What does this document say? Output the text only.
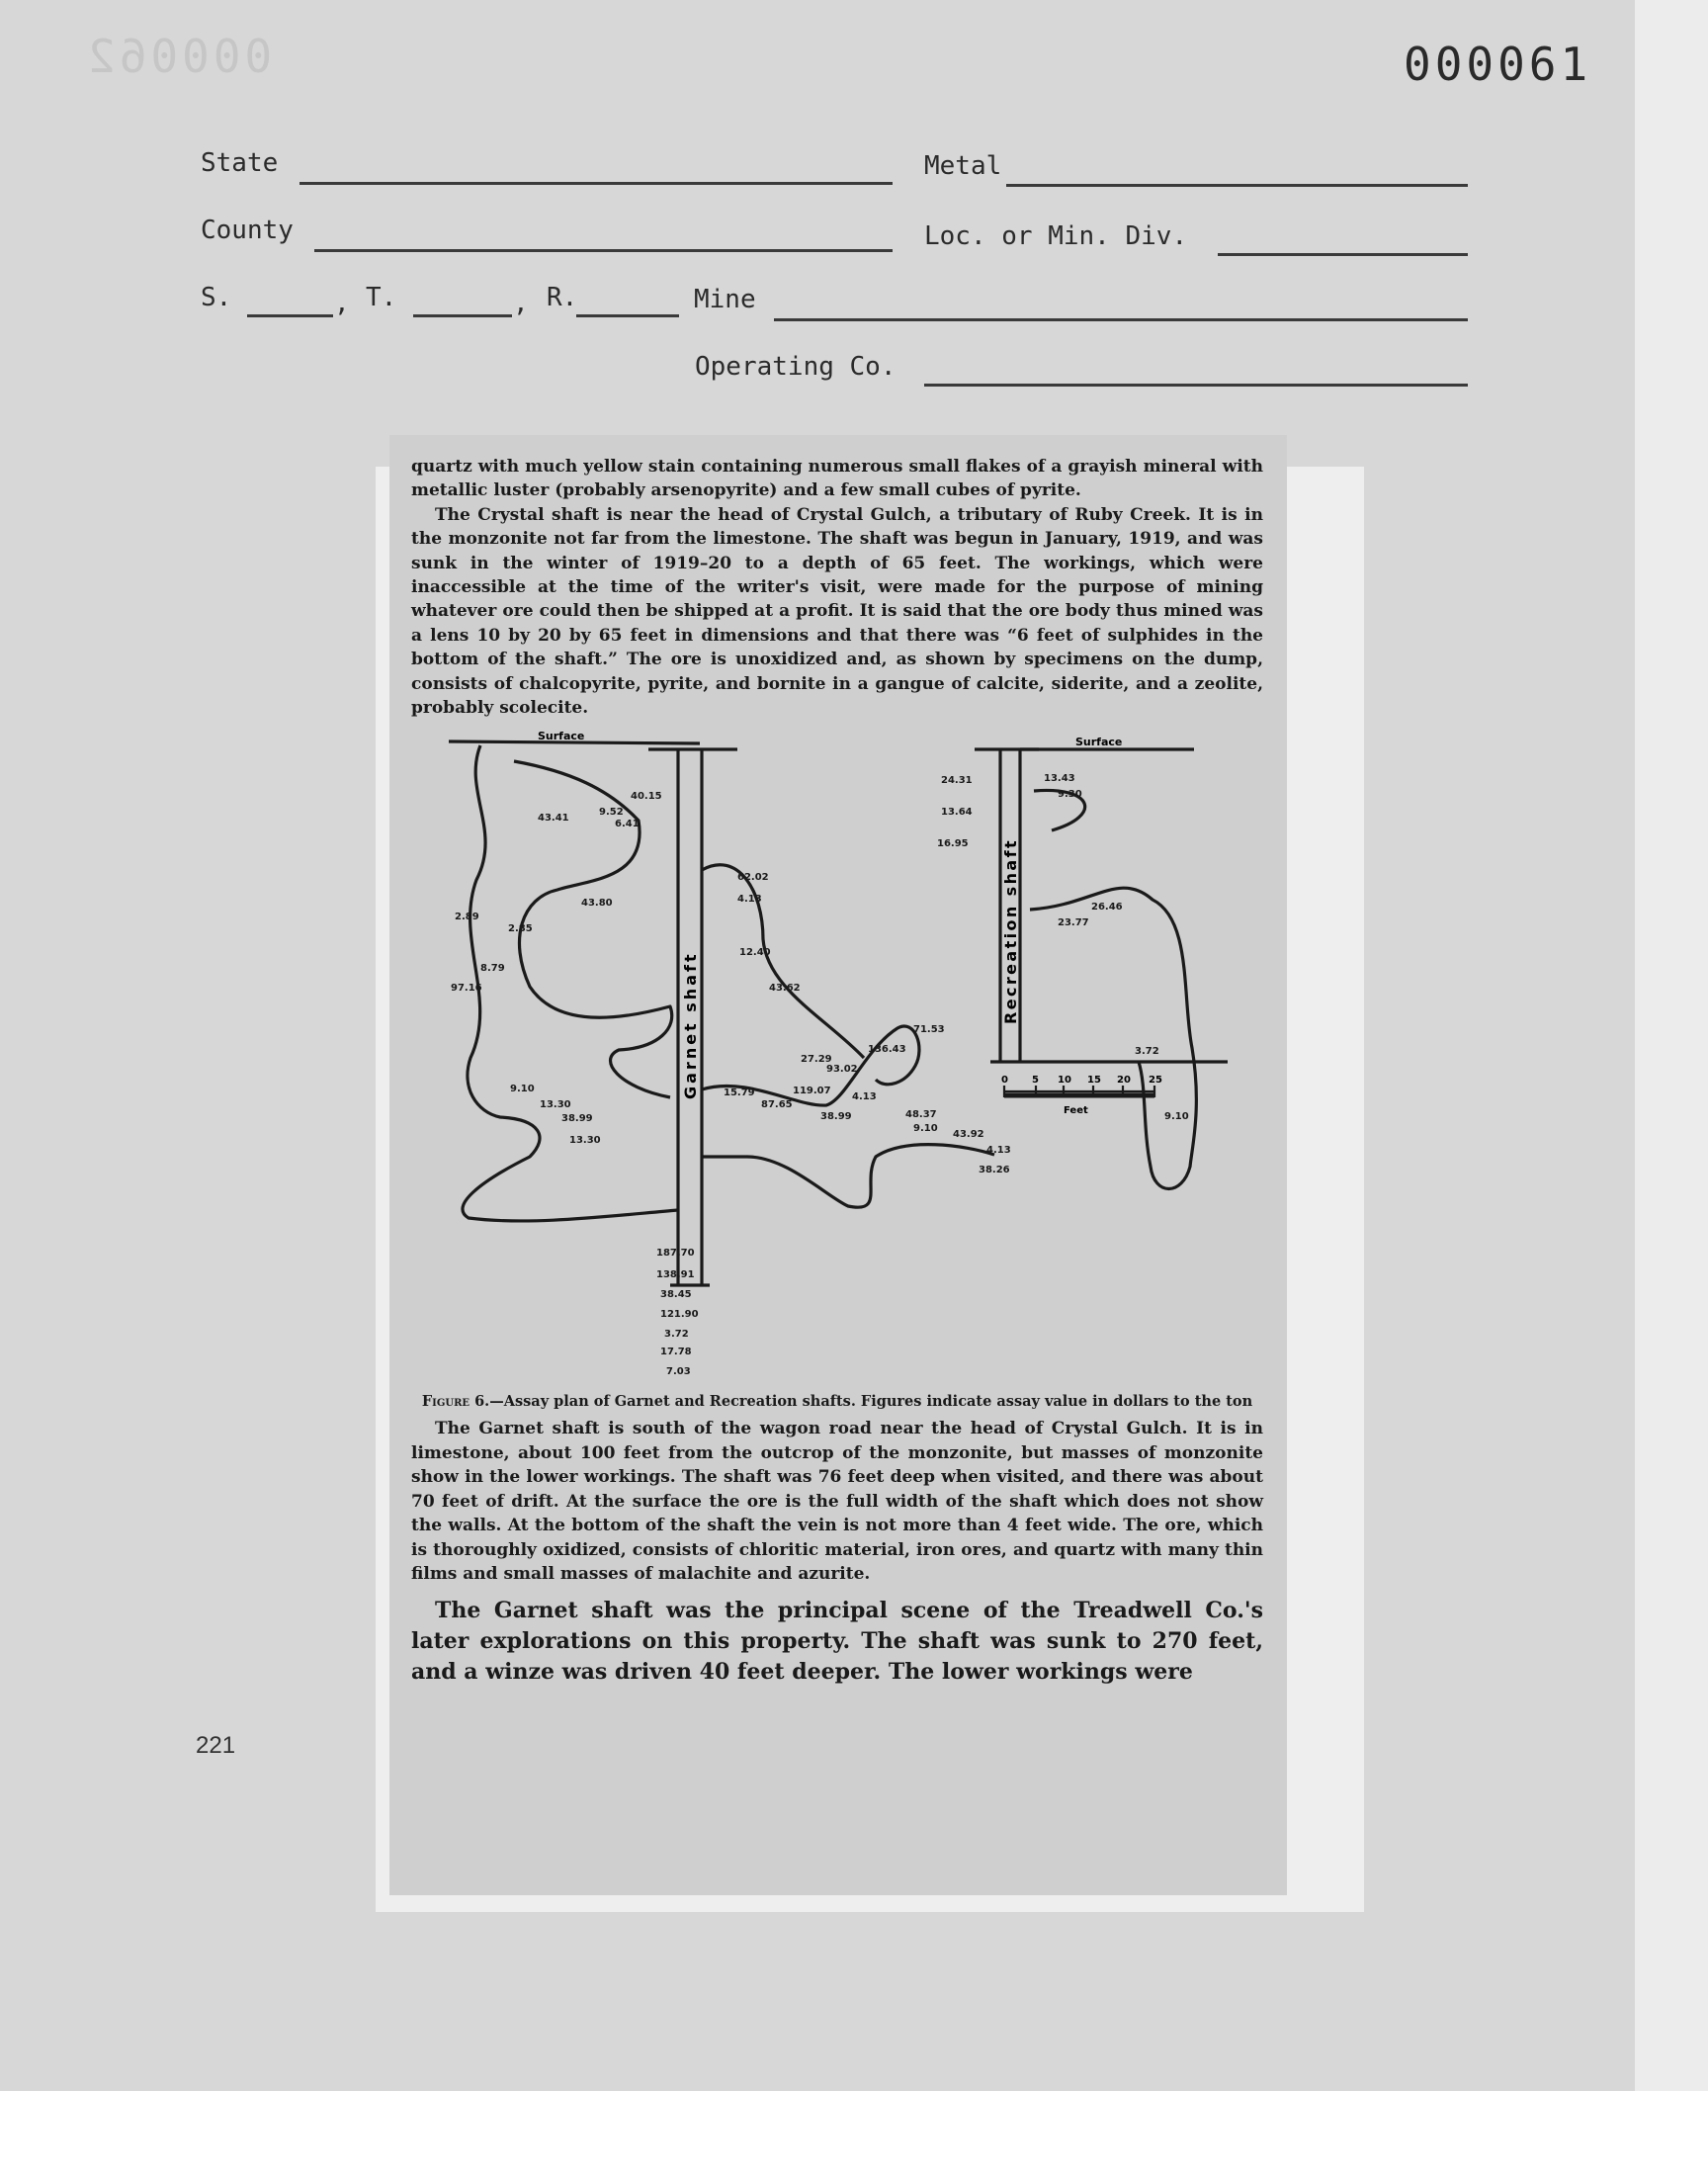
000062	000061
State	Metal
County	Loc. or Min. Div.
S.	, T.	, R.	Mine
Operating Co.
221

quartz with much yellow stain containing numerous small flakes of a grayish mineral with metallic luster (probably arsenopyrite) and a few small cubes of pyrite.

The Crystal shaft is near the head of Crystal Gulch, a tributary of Ruby Creek. It is in the monzonite not far from the limestone. The shaft was begun in January, 1919, and was sunk in the winter of 1919–20 to a depth of 65 feet. The workings, which were inaccessible at the time of the writer's visit, were made for the purpose of mining whatever ore could then be shipped at a profit. It is said that the ore body thus mined was a lens 10 by 20 by 65 feet in dimensions and that there was “6 feet of sulphides in the bottom of the shaft.” The ore is unoxidized and, as shown by specimens on the dump, consists of chalcopyrite, pyrite, and bornite in a gangue of calcite, siderite, and a zeolite, probably scolecite.

Surface	Surface
Garnet shaft
Recreation shaft
0 5 10 15 20 25
Feet
2.89
2.85
8.79
97.16
43.41
9.52
6.41
40.15
43.80
62.02
4.13
12.40
43.62
27.29
93.02
136.43
71.53
15.79
87.65
119.07
4.13
38.99	48.37
9.10
9.10
13.30
38.99
13.30
187.70
138.91
38.45
121.90
3.72
17.78
7.03
24.31
13.64
16.95
13.43
9.30
26.46
23.77
3.72
9.10
43.92
4.13
38.26
Figure 6.—Assay plan of Garnet and Recreation shafts. Figures indicate assay value in dollars to the ton

The Garnet shaft is south of the wagon road near the head of Crystal Gulch. It is in limestone, about 100 feet from the outcrop of the monzonite, but masses of monzonite show in the lower workings. The shaft was 76 feet deep when visited, and there was about 70 feet of drift. At the surface the ore is the full width of the shaft which does not show the walls. At the bottom of the shaft the vein is not more than 4 feet wide. The ore, which is thoroughly oxidized, consists of chloritic material, iron ores, and quartz with many thin films and small masses of malachite and azurite.

The Garnet shaft was the principal scene of the Treadwell Co.'s later explorations on this property. The shaft was sunk to 270 feet, and a winze was driven 40 feet deeper. The lower workings were
